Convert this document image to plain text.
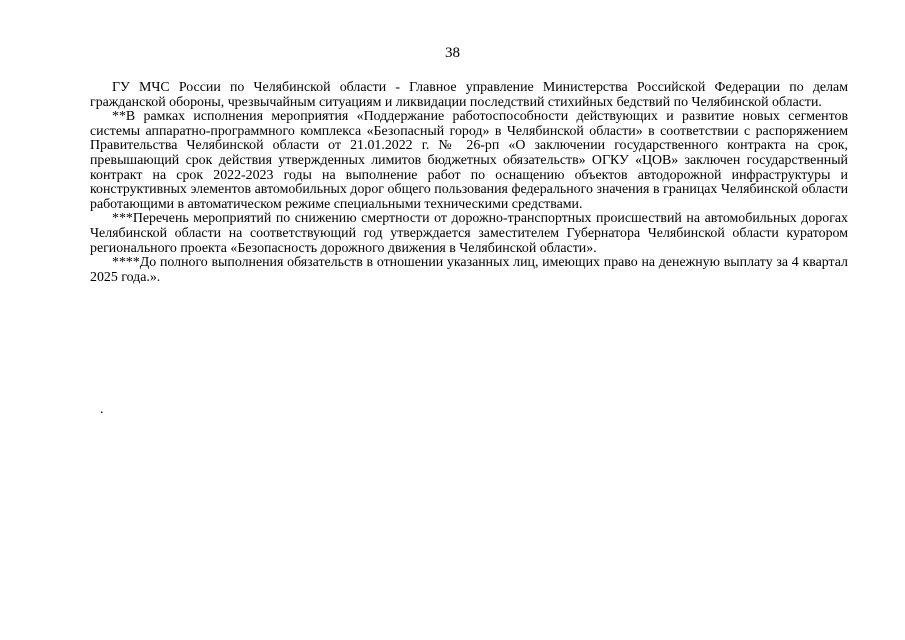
38

ГУ МЧС России по Челябинской области - Главное управление Министерства Российской Федерации по делам гражданской обороны, чрезвычайным ситуациям и ликвидации последствий стихийных бедствий по Челябинской области.

**В рамках исполнения мероприятия «Поддержание работоспособности действующих и развитие новых сегментов системы аппаратно-программного комплекса «Безопасный город» в Челябинской области» в соответствии с распоряжением Правительства Челябинской области от 21.01.2022 г. № 26-рп «О заключении государственного контракта на срок, превышающий срок действия утвержденных лимитов бюджетных обязательств» ОГКУ «ЦОВ» заключен государственный контракт на срок 2022-2023 годы на выполнение работ по оснащению объектов автодорожной инфраструктуры и конструктивных элементов автомобильных дорог общего пользования федерального значения в границах Челябинской области работающими в автоматическом режиме специальными техническими средствами.

***Перечень мероприятий по снижению смертности от дорожно-транспортных происшествий на автомобильных дорогах Челябинской области на соответствующий год утверждается заместителем Губернатора Челябинской области куратором регионального проекта «Безопасность дорожного движения в Челябинской области».

****До полного выполнения обязательств в отношении указанных лиц, имеющих право на денежную выплату за 4 квартал 2025 года.».

.
